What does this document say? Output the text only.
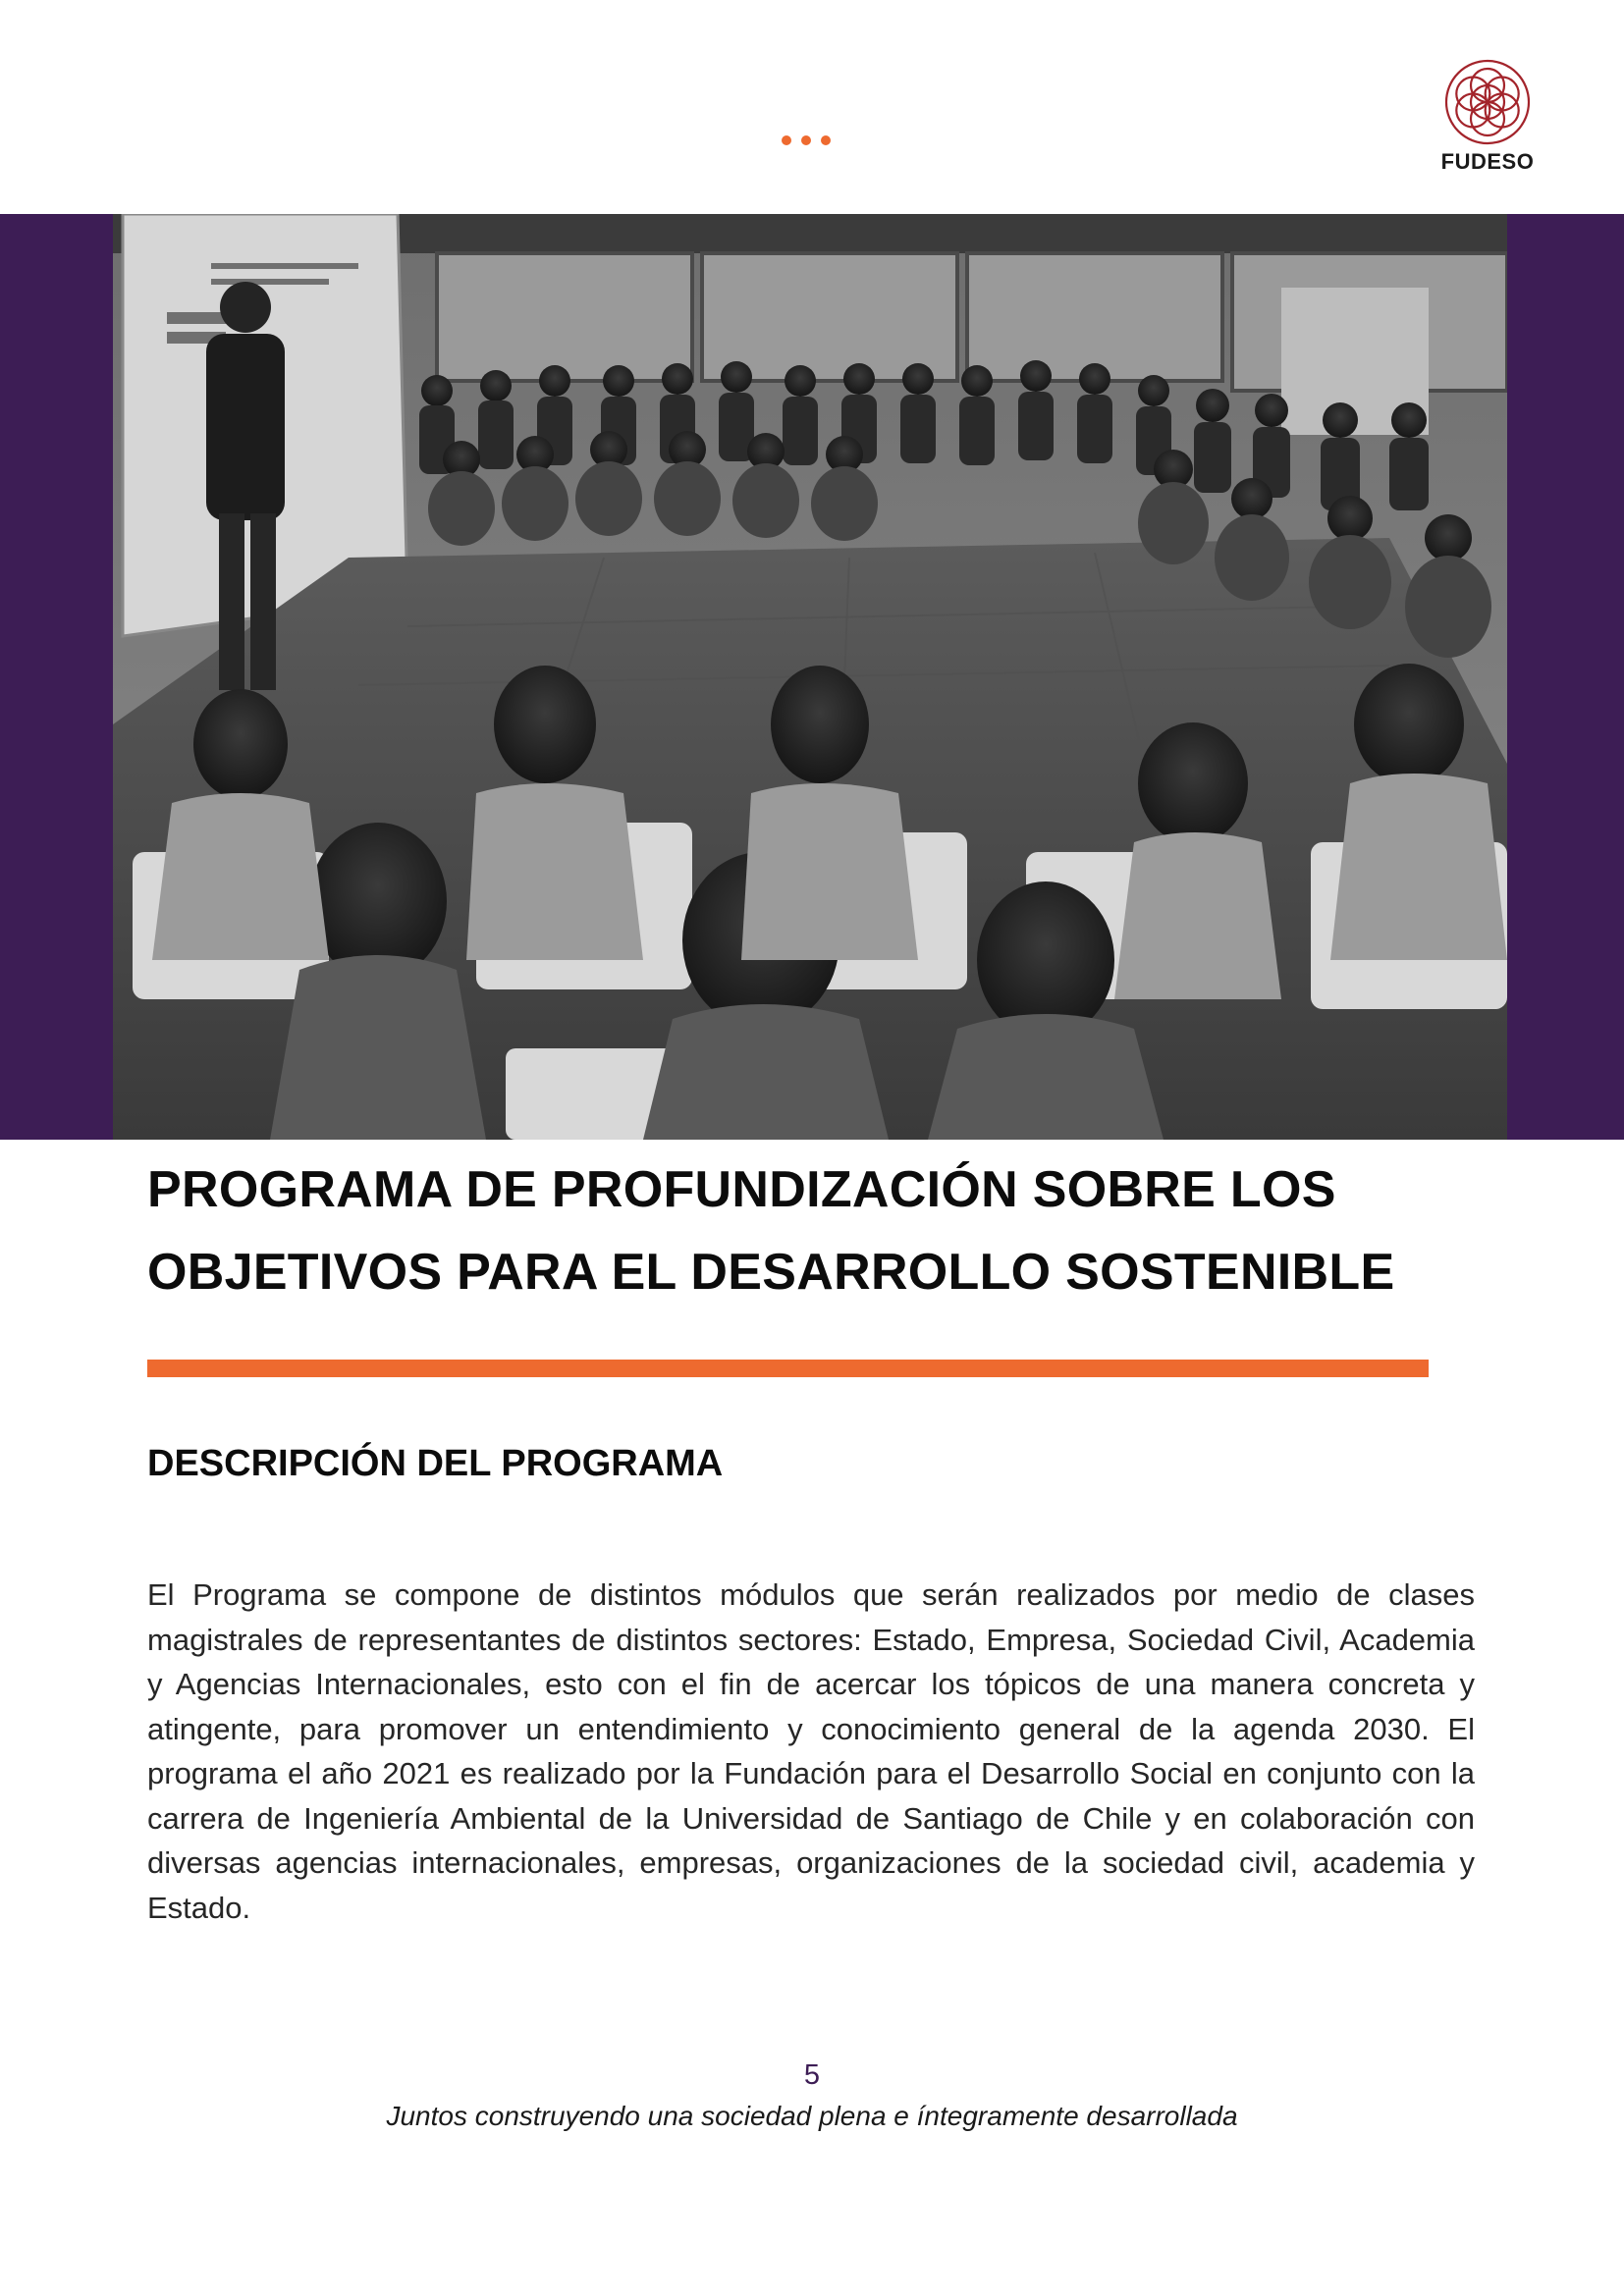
FUDESO
PROGRAMA DE PROFUNDIZACIÓN SOBRE LOS
OBJETIVOS PARA EL DESARROLLO SOSTENIBLE
DESCRIPCIÓN DEL PROGRAMA

El Programa se compone de distintos módulos que serán realizados por medio de clases magistrales de representantes de distintos sectores: Estado, Empresa, Sociedad Civil, Academia y Agencias Internacionales, esto con el fin de acercar los tópicos de una manera concreta y atingente, para promover un entendimiento y conocimiento general de la agenda 2030. El programa el año 2021 es realizado por la Fundación para el Desarrollo Social en conjunto con la carrera de Ingeniería Ambiental de la Universidad de Santiago de Chile y en colaboración con diversas agencias internacionales, empresas, organizaciones de la sociedad civil, academia y Estado.

5
Juntos construyendo una sociedad plena e íntegramente desarrollada
